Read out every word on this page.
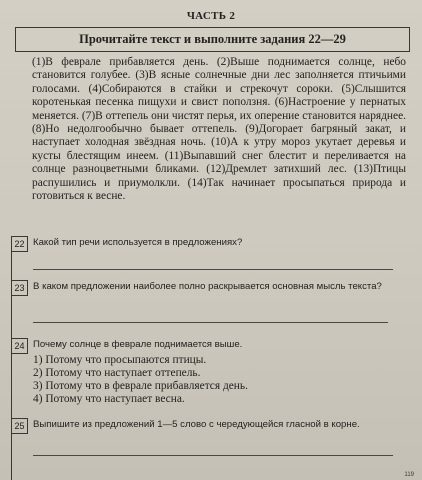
ЧАСТЬ 2
Прочитайте текст и выполните задания 22—29
(1)В феврале прибавляется день. (2)Выше поднимается солнце, небо становится голубее. (3)В ясные солнечные дни лес заполняется птичьими голосами. (4)Собираются в стайки и стрекочут сороки. (5)Слышится коротенькая песенка пищухи и свист поползня. (6)Настроение у пернатых меняется. (7)В оттепель они чистят перья, их оперение становится наряднее. (8)Но недолгообычно бывает оттепель. (9)Догорает багряный закат, и наступает холодная звёздная ночь. (10)А к утру мороз укутает деревья и кусты блестящим инеем. (11)Выпавший снег блестит и переливается на солнце разноцветными бликами. (12)Дремлет затихший лес. (13)Птицы распушились и приумолкли. (14)Так начинает просыпаться природа и готовиться к весне.
22 Какой тип речи используется в предложениях?
23 В каком предложении наиболее полно раскрывается основная мысль текста?
24 Почему солнце в феврале поднимается выше.
1) Потому что просыпаются птицы.
2) Потому что наступает оттепель.
3) Потому что в феврале прибавляется день.
4) Потому что наступает весна.
25 Выпишите из предложений 1—5 слово с чередующейся гласной в корне.
119
